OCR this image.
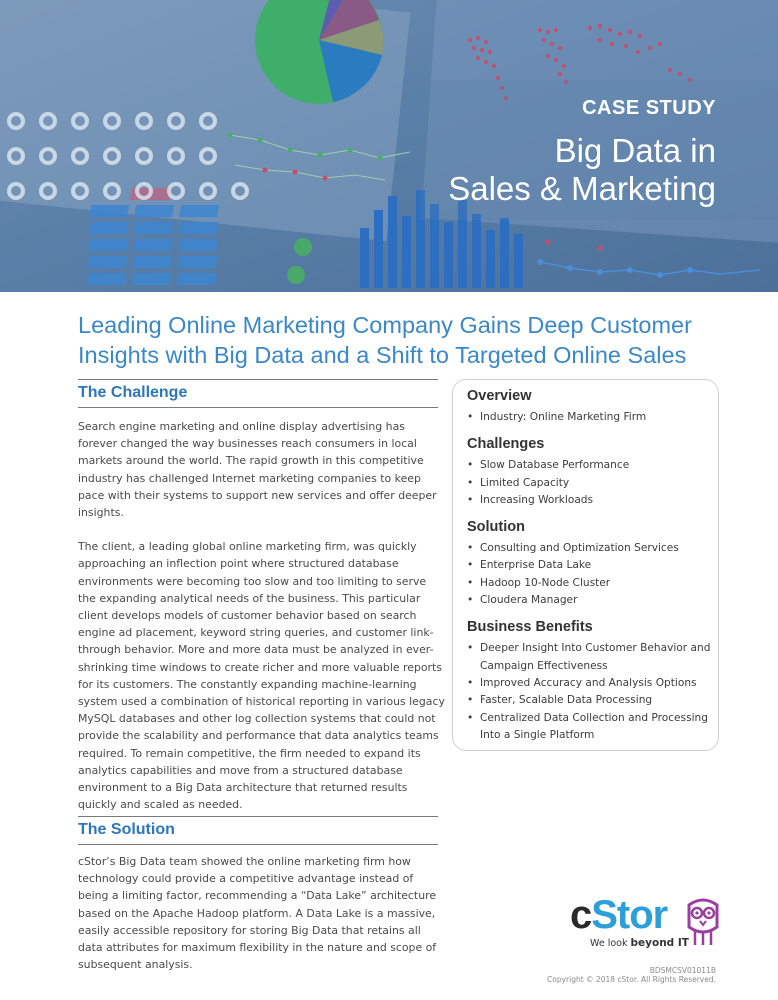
CASE STUDY
Big Data in
Sales & Marketing
Leading Online Marketing Company Gains Deep Customer Insights with Big Data and a Shift to Targeted Online Sales
The Challenge

Search engine marketing and online display advertising has forever changed the way businesses reach consumers in local markets around the world. The rapid growth in this competitive industry has challenged Internet marketing companies to keep pace with their systems to support new services and offer deeper insights.

The client, a leading global online marketing firm, was quickly approaching an inflection point where structured database environments were becoming too slow and too limiting to serve the expanding analytical needs of the business. This particular client develops models of customer behavior based on search engine ad placement, keyword string queries, and customer link-through behavior. More and more data must be analyzed in ever-shrinking time windows to create richer and more valuable reports for its customers. The constantly expanding machine-learning system used a combination of historical reporting in various legacy MySQL databases and other log collection systems that could not provide the scalability and performance that data analytics teams required. To remain competitive, the firm needed to expand its analytics capabilities and move from a structured database environment to a Big Data architecture that returned results quickly and scaled as needed.

The Solution

cStor’s Big Data team showed the online marketing firm how technology could provide a competitive advantage instead of being a limiting factor, recommending a “Data Lake” architecture based on the Apache Hadoop platform. A Data Lake is a massive, easily accessible repository for storing Big Data that retains all data attributes for maximum flexibility in the nature and scope of subsequent analysis.

Overview
• Industry: Online Marketing Firm
Challenges
• Slow Database Performance
• Limited Capacity
• Increasing Workloads
Solution
• Consulting and Optimization Services
• Enterprise Data Lake
• Hadoop 10-Node Cluster
• Cloudera Manager
Business Benefits
• Deeper Insight Into Customer Behavior and Campaign Effectiveness
• Improved Accuracy and Analysis Options
• Faster, Scalable Data Processing
• Centralized Data Collection and Processing Into a Single Platform
cStor
We look beyond IT
BDSMCSV01011B
Copyright © 2018 cStor. All Rights Reserved.
